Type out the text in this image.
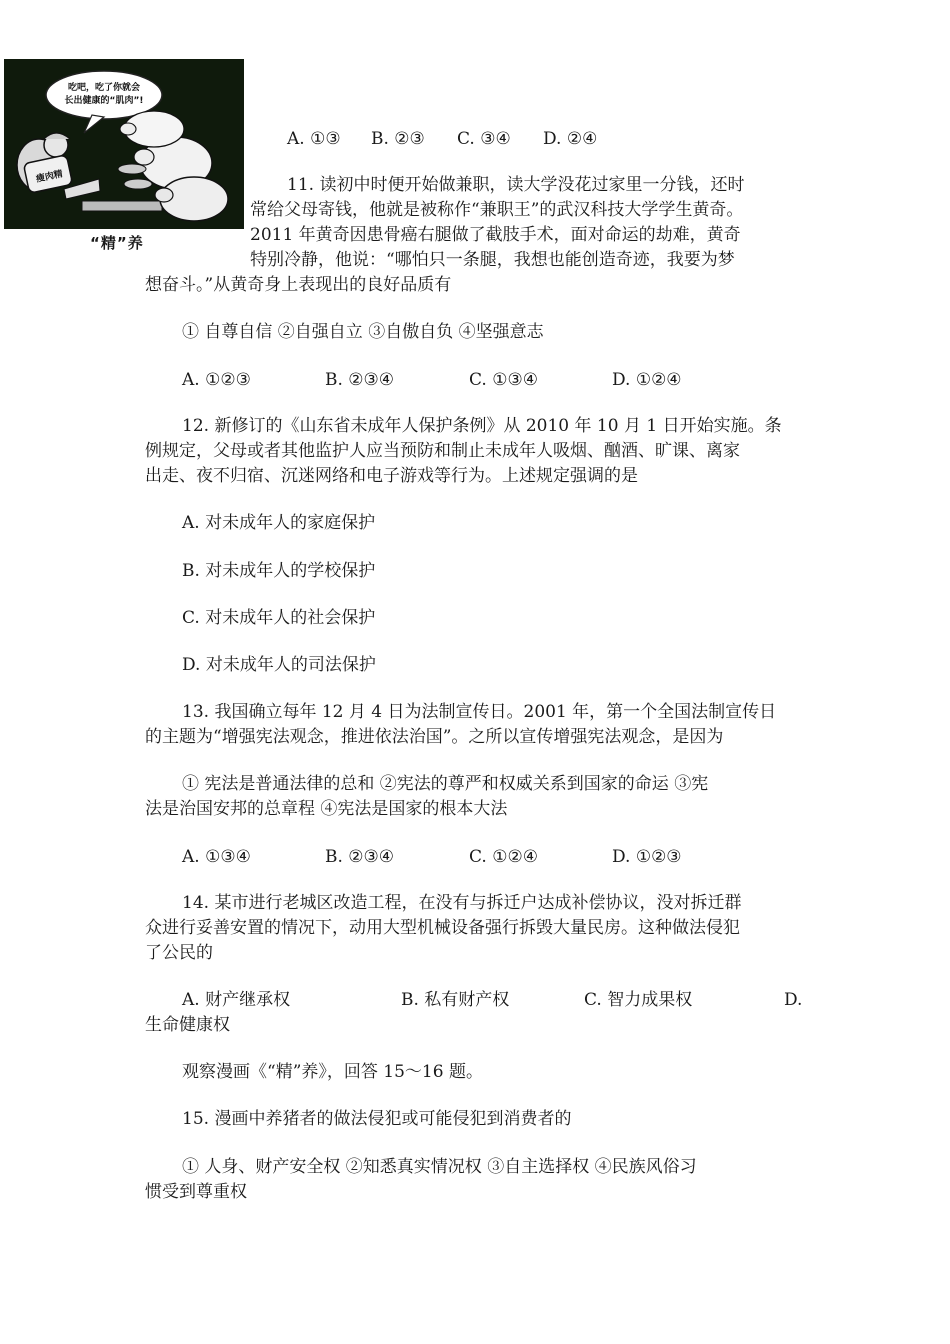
吃吧，吃了你就会
长出健康的“肌肉”!
瘦肉精
“精”养
A. ①③ B. ②③ C. ③④ D. ②④
11. 读初中时便开始做兼职，读大学没花过家里一分钱，还时
常给父母寄钱，他就是被称作“兼职王”的武汉科技大学学生黄奇。
2011 年黄奇因患骨癌右腿做了截肢手术，面对命运的劫难，黄奇
特别冷静，他说：“哪怕只一条腿，我想也能创造奇迹，我要为梦
想奋斗。”从黄奇身上表现出的良好品质有
① 自尊自信 ②自强自立 ③自傲自负 ④坚强意志
A. ①②③	B. ②③④	C. ①③④	D. ①②④
12. 新修订的《山东省未成年人保护条例》从 2010 年 10 月 1 日开始实施。条
例规定，父母或者其他监护人应当预防和制止未成年人吸烟、酗酒、旷课、离家
出走、夜不归宿、沉迷网络和电子游戏等行为。上述规定强调的是
A. 对未成年人的家庭保护
B. 对未成年人的学校保护
C. 对未成年人的社会保护
D. 对未成年人的司法保护
13. 我国确立每年 12 月 4 日为法制宣传日。2001 年，第一个全国法制宣传日
的主题为“增强宪法观念，推进依法治国”。之所以宣传增强宪法观念，是因为
① 宪法是普通法律的总和 ②宪法的尊严和权威关系到国家的命运 ③宪
法是治国安邦的总章程 ④宪法是国家的根本大法
A. ①③④	B. ②③④	C. ①②④	D. ①②③
14. 某市进行老城区改造工程，在没有与拆迁户达成补偿协议，没对拆迁群
众进行妥善安置的情况下，动用大型机械设备强行拆毁大量民房。这种做法侵犯
了公民的
A. 财产继承权	B. 私有财产权	C. 智力成果权	D.
生命健康权
观察漫画《“精”养》，回答 15～16 题。
15. 漫画中养猪者的做法侵犯或可能侵犯到消费者的
① 人身、财产安全权 ②知悉真实情况权 ③自主选择权 ④民族风俗习
惯受到尊重权
